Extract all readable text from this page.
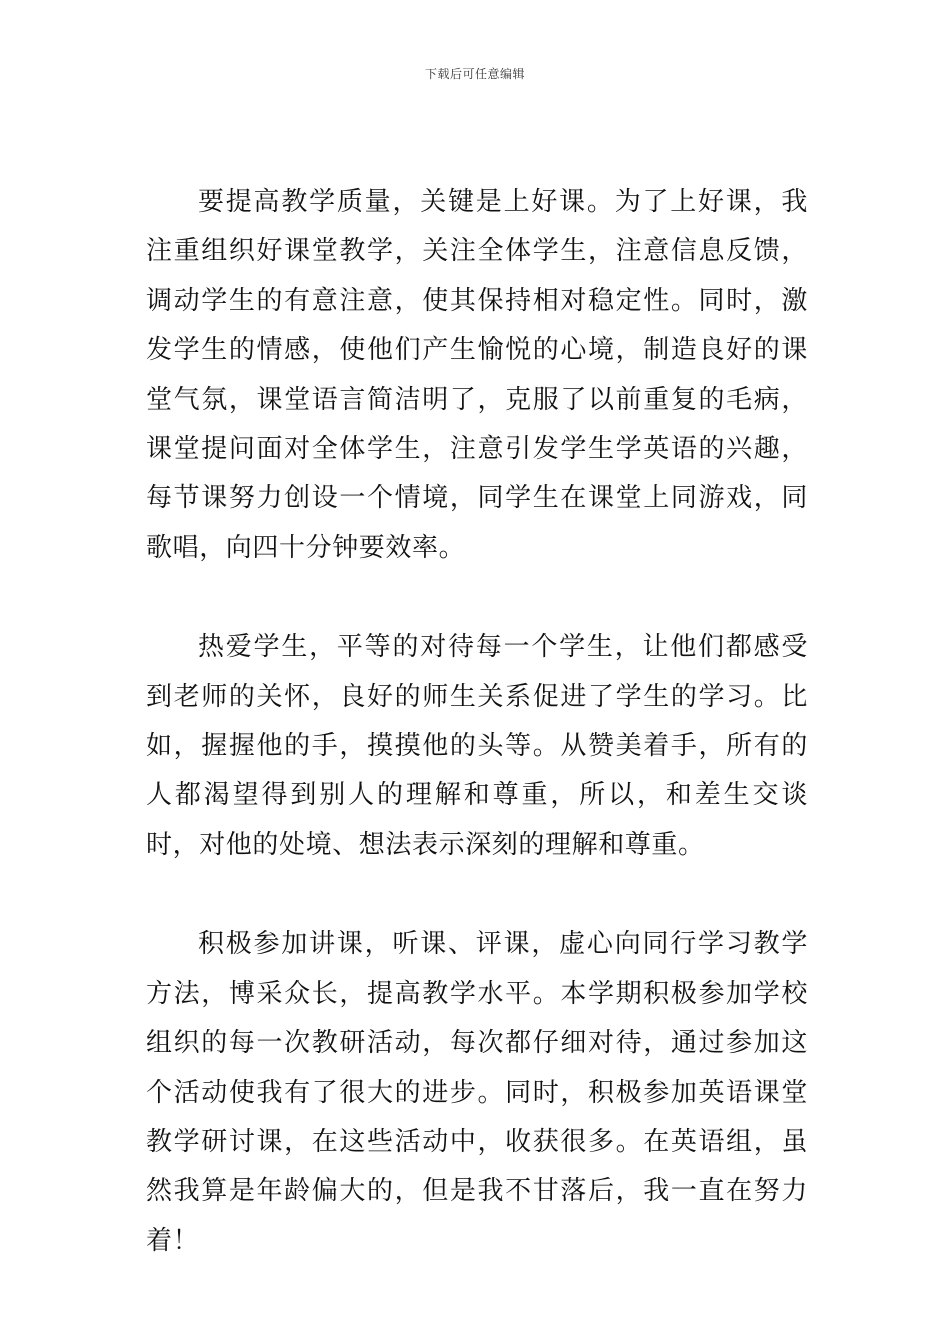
下载后可任意编辑

要提高教学质量，关键是上好课。为了上好课，我注重组织好课堂教学，关注全体学生，注意信息反馈，调动学生的有意注意，使其保持相对稳定性。同时，激发学生的情感，使他们产生愉悦的心境，制造良好的课堂气氛，课堂语言简洁明了，克服了以前重复的毛病，课堂提问面对全体学生，注意引发学生学英语的兴趣，每节课努力创设一个情境，同学生在课堂上同游戏，同歌唱，向四十分钟要效率。

热爱学生，平等的对待每一个学生，让他们都感受到老师的关怀，良好的师生关系促进了学生的学习。比如，握握他的手，摸摸他的头等。从赞美着手，所有的人都渴望得到别人的理解和尊重，所以，和差生交谈时，对他的处境、想法表示深刻的理解和尊重。

积极参加讲课，听课、评课，虚心向同行学习教学方法，博采众长，提高教学水平。本学期积极参加学校组织的每一次教研活动，每次都仔细对待，通过参加这个活动使我有了很大的进步。同时，积极参加英语课堂教学研讨课，在这些活动中，收获很多。在英语组，虽然我算是年龄偏大的，但是我不甘落后，我一直在努力着！
